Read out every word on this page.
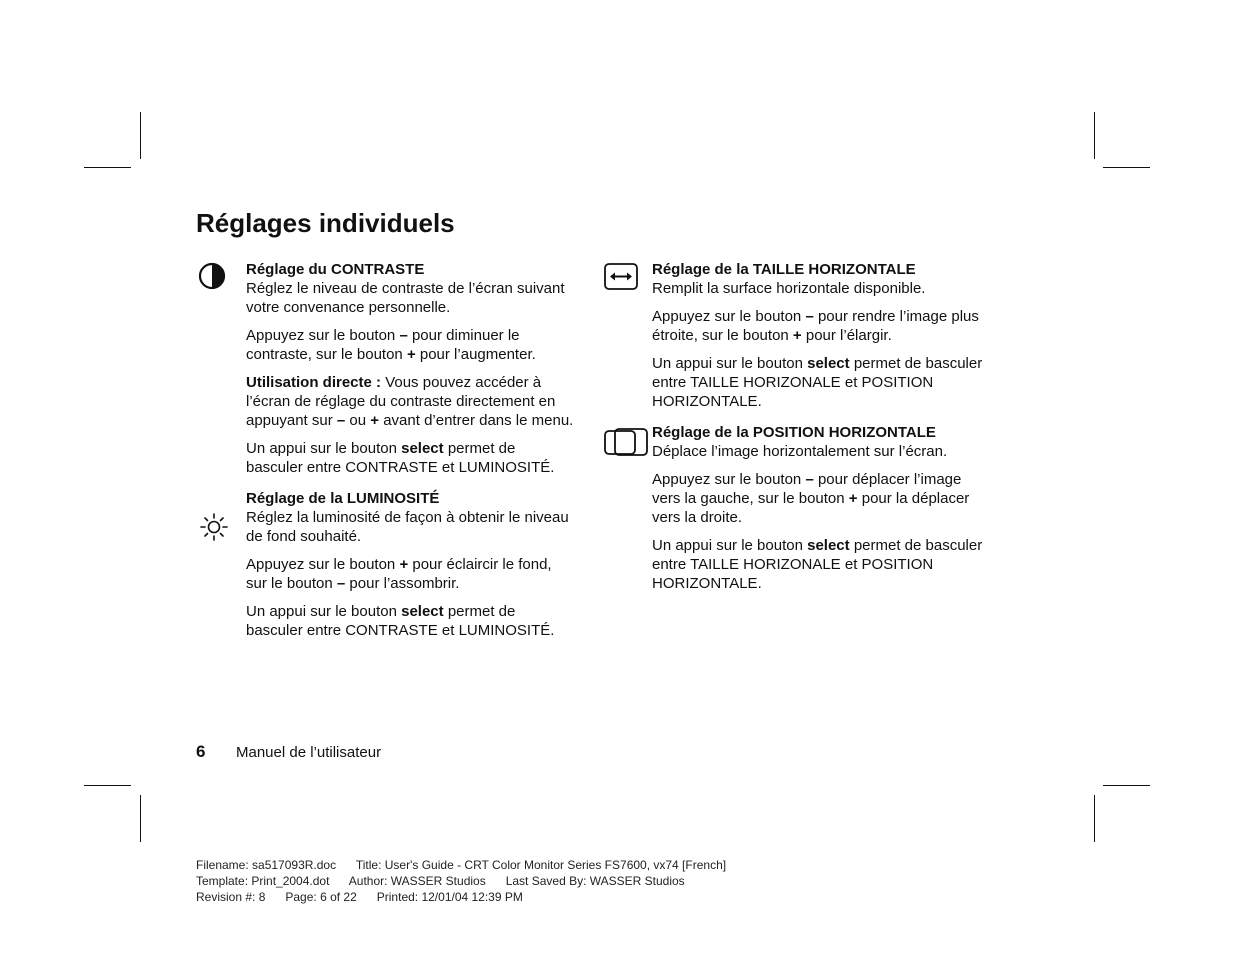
Réglages individuels
Réglage du CONTRASTE

Réglez le niveau de contraste de l’écran suivant votre convenance personnelle.

Appuyez sur le bouton – pour diminuer le contraste, sur le bouton + pour l’augmenter.

Utilisation directe : Vous pouvez accéder à l’écran de réglage du contraste directement en appuyant sur – ou + avant d’entrer dans le menu.

Un appui sur le bouton select permet de basculer entre CONTRASTE et LUMINOSITÉ.

Réglage de la LUMINOSITÉ

Réglez la luminosité de façon à obtenir le niveau de fond souhaité.

Appuyez sur le bouton + pour éclaircir le fond, sur le bouton – pour l’assombrir.

Un appui sur le bouton select permet de basculer entre CONTRASTE et LUMINOSITÉ.

Réglage de la TAILLE HORIZONTALE

Remplit la surface horizontale disponible.

Appuyez sur le bouton – pour rendre l’image plus étroite, sur le bouton + pour l’élargir.

Un appui sur le bouton select permet de basculer entre TAILLE HORIZONALE et POSITION HORIZONTALE.

Réglage de la POSITION HORIZONTALE

Déplace l’image horizontalement sur l’écran.

Appuyez sur le bouton – pour déplacer l’image vers la gauche, sur le bouton + pour la déplacer vers la droite.

Un appui sur le bouton select permet de basculer entre TAILLE HORIZONALE et POSITION HORIZONTALE.

6 Manuel de l’utilisateur
Filename: sa517093R.doc      Title: User's Guide - CRT Color Monitor Series FS7600, vx74 [French]
Template: Print_2004.dot      Author: WASSER Studios      Last Saved By: WASSER Studios
Revision #: 8      Page: 6 of 22      Printed: 12/01/04 12:39 PM
